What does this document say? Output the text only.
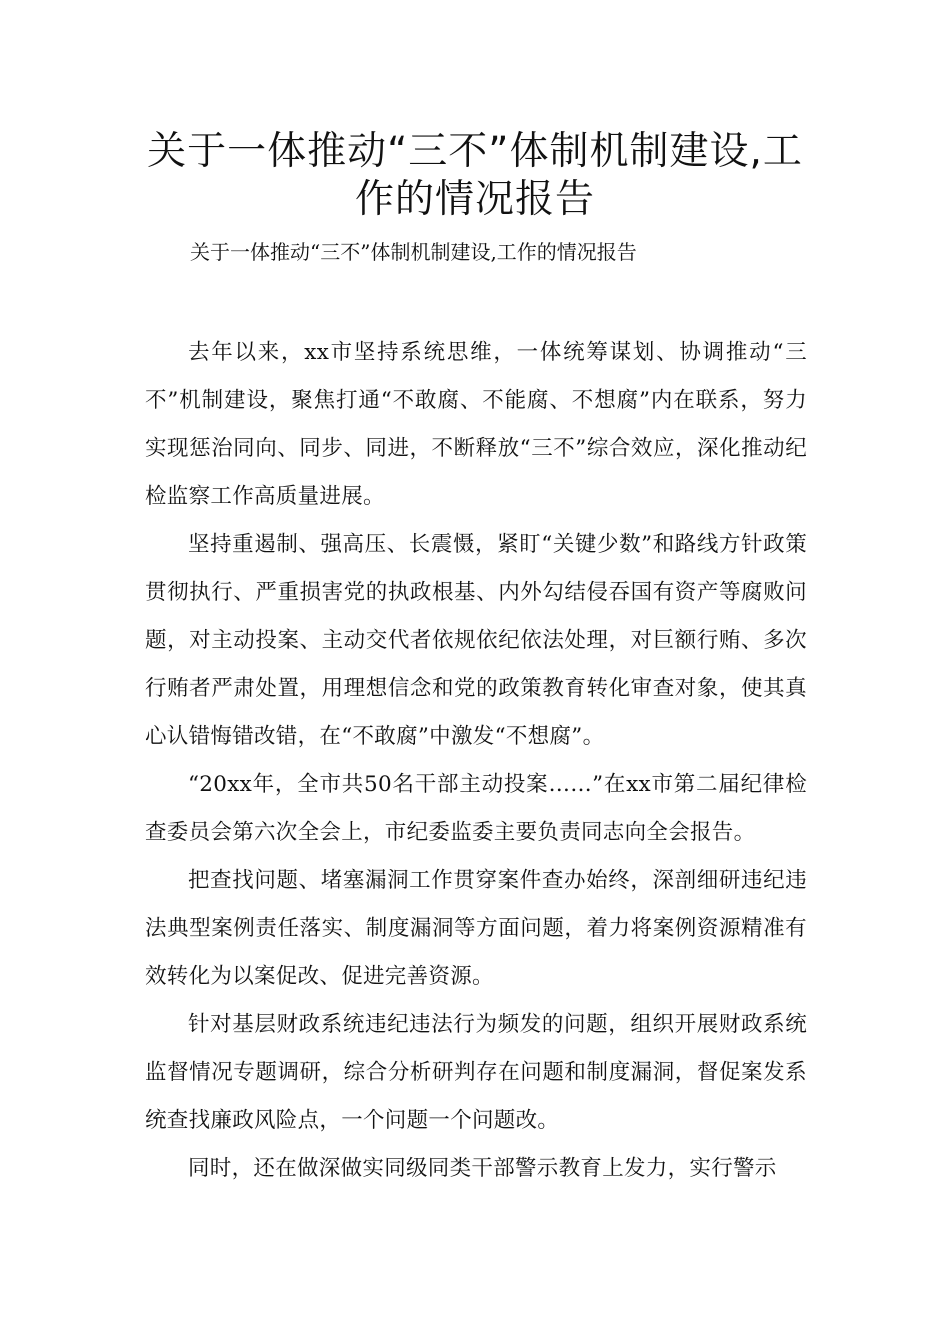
关于一体推动“三不”体制机制建设,工作的情况报告

关于一体推动“三不”体制机制建设,工作的情况报告

去年以来，xx市坚持系统思维，一体统筹谋划、协调推动“三不”机制建设，聚焦打通“不敢腐、不能腐、不想腐”内在联系，努力实现惩治同向、同步、同进，不断释放“三不”综合效应，深化推动纪检监察工作高质量进展。

坚持重遏制、强高压、长震慑，紧盯“关键少数”和路线方针政策贯彻执行、严重损害党的执政根基、内外勾结侵吞国有资产等腐败问题，对主动投案、主动交代者依规依纪依法处理，对巨额行贿、多次行贿者严肃处置，用理想信念和党的政策教育转化审查对象，使其真心认错悔错改错，在“不敢腐”中激发“不想腐”。

“20xx年，全市共50名干部主动投案……”在xx市第二届纪律检查委员会第六次全会上，市纪委监委主要负责同志向全会报告。

把查找问题、堵塞漏洞工作贯穿案件查办始终，深剖细研违纪违法典型案例责任落实、制度漏洞等方面问题，着力将案例资源精准有效转化为以案促改、促进完善资源。

针对基层财政系统违纪违法行为频发的问题，组织开展财政系统监督情况专题调研，综合分析研判存在问题和制度漏洞，督促案发系统查找廉政风险点，一个问题一个问题改。

同时，还在做深做实同级同类干部警示教育上发力，实行警示
